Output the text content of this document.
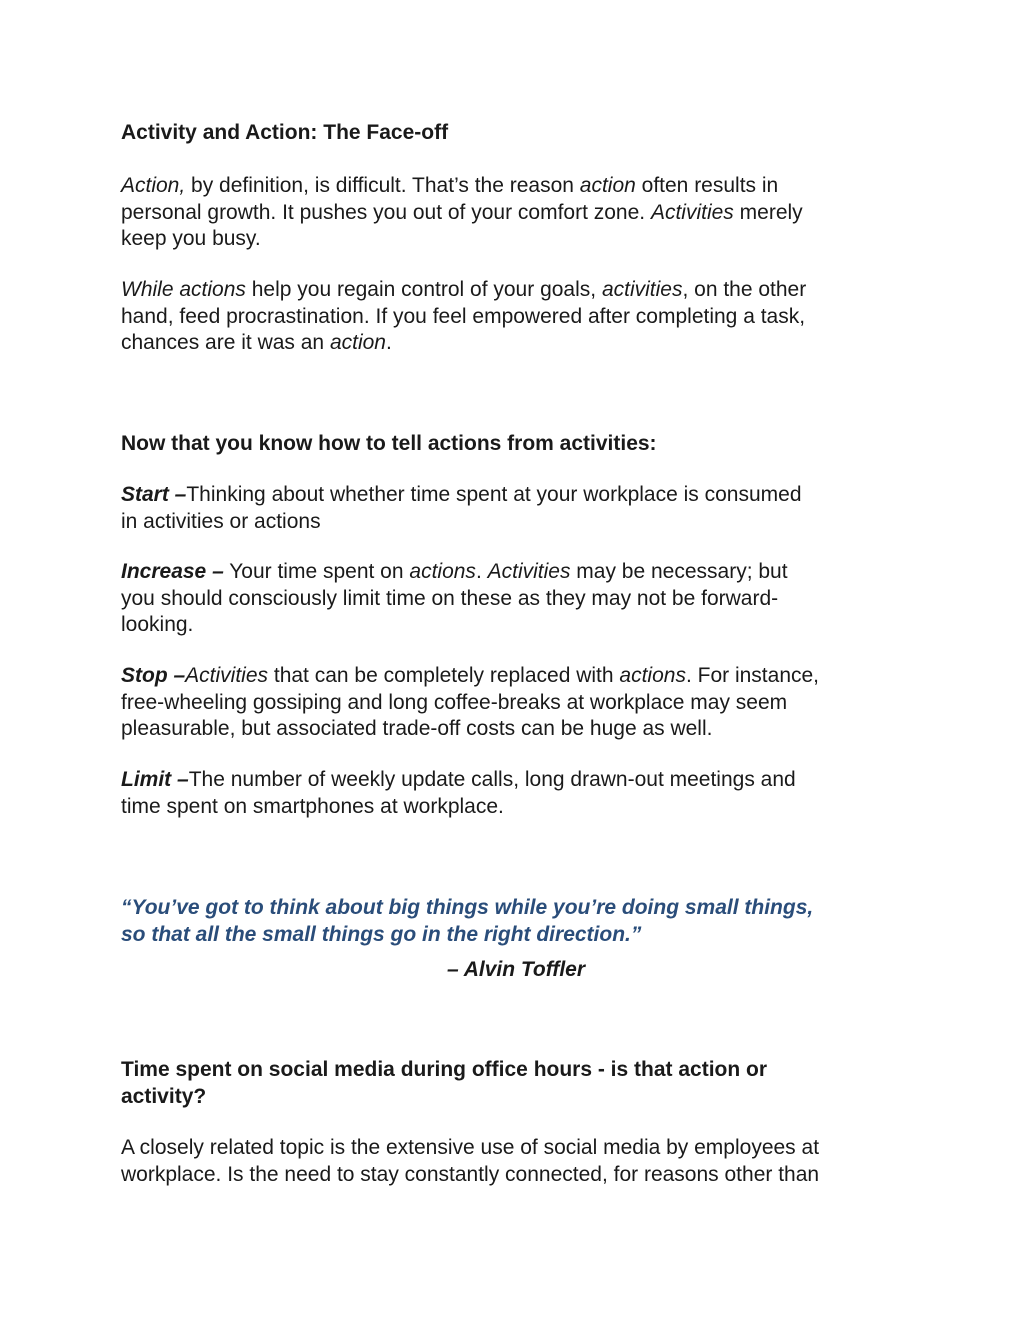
Activity and Action: The Face-off

Action, by definition, is difficult. That’s the reason action often results in
personal growth. It pushes you out of your comfort zone. Activities merely
keep you busy.

While actions help you regain control of your goals, activities, on the other
hand, feed procrastination. If you feel empowered after completing a task,
chances are it was an action.

Now that you know how to tell actions from activities:

Start –Thinking about whether time spent at your workplace is consumed
in activities or actions

Increase – Your time spent on actions. Activities may be necessary; but
you should consciously limit time on these as they may not be forward-
looking.

Stop –Activities that can be completely replaced with actions. For instance,
free-wheeling gossiping and long coffee-breaks at workplace may seem
pleasurable, but associated trade-off costs can be huge as well.

Limit –The number of weekly update calls, long drawn-out meetings and
time spent on smartphones at workplace.

“You’ve got to think about big things while you’re doing small things,
so that all the small things go in the right direction.”

– Alvin Toffler

Time spent on social media during office hours - is that action or
activity?

A closely related topic is the extensive use of social media by employees at
workplace. Is the need to stay constantly connected, for reasons other than
